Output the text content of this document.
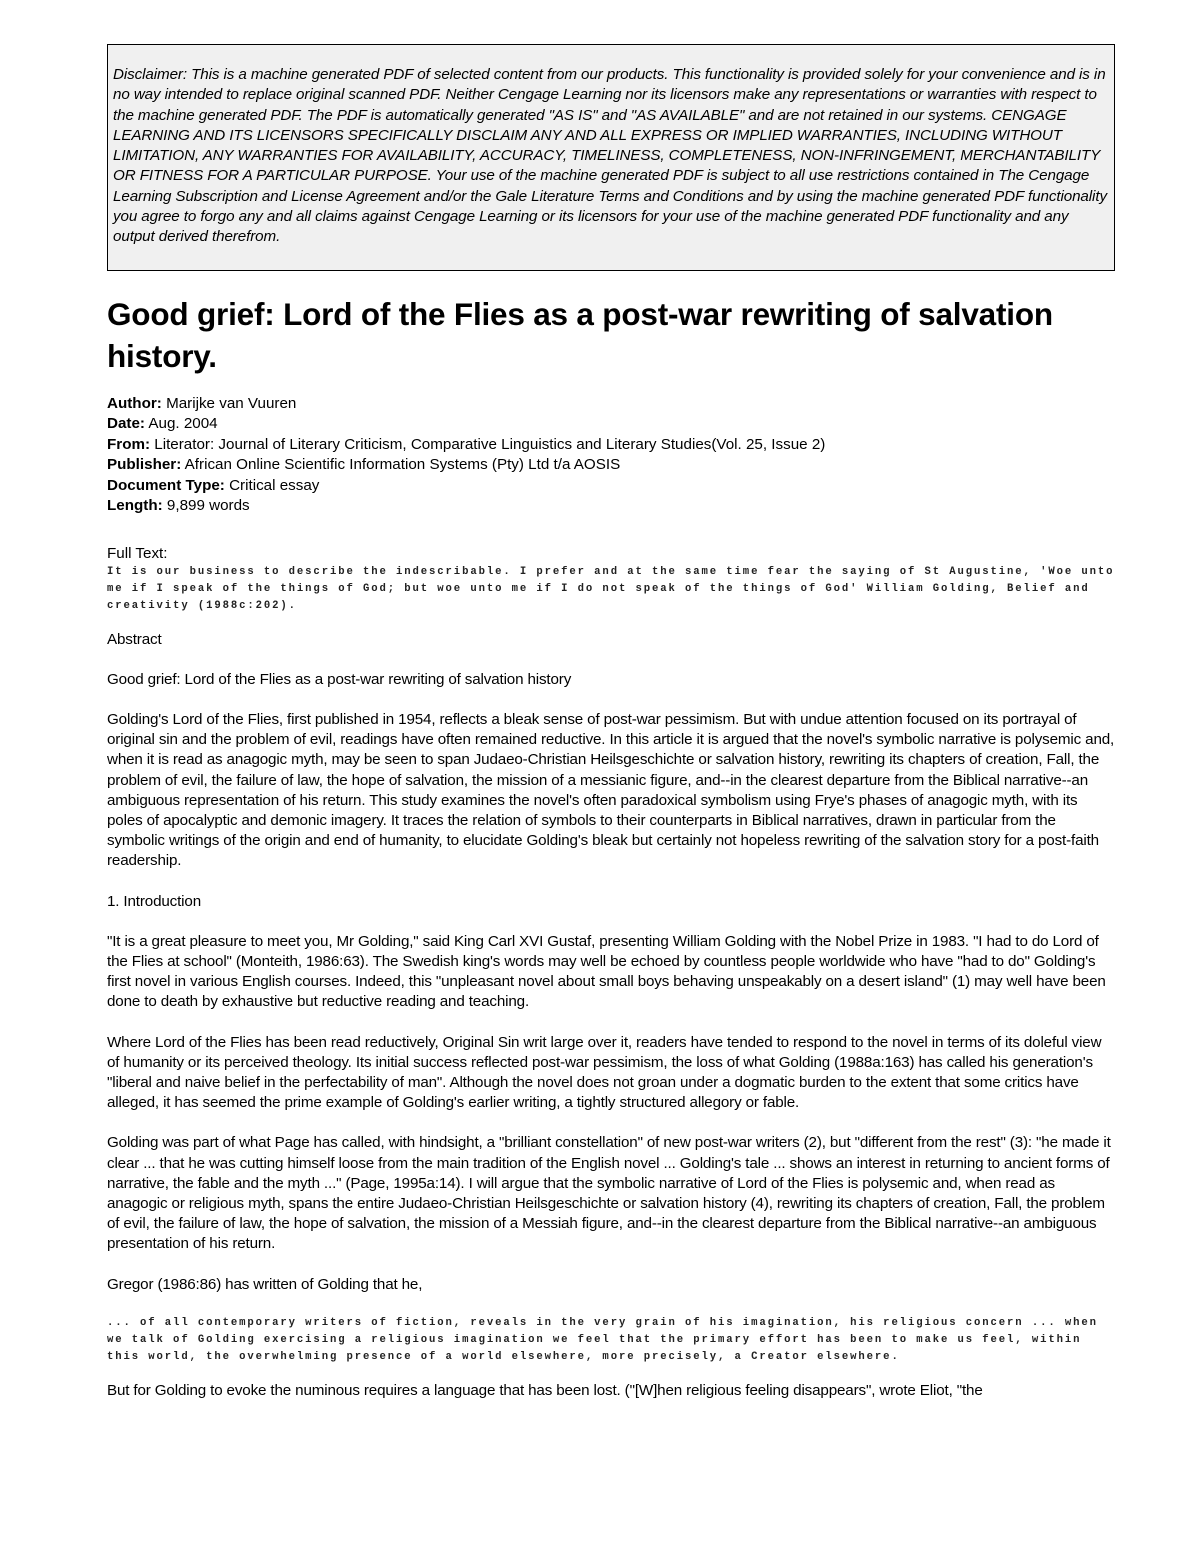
Disclaimer: This is a machine generated PDF of selected content from our products. This functionality is provided solely for your convenience and is in no way intended to replace original scanned PDF. Neither Cengage Learning nor its licensors make any representations or warranties with respect to the machine generated PDF. The PDF is automatically generated "AS IS" and "AS AVAILABLE" and are not retained in our systems. CENGAGE LEARNING AND ITS LICENSORS SPECIFICALLY DISCLAIM ANY AND ALL EXPRESS OR IMPLIED WARRANTIES, INCLUDING WITHOUT LIMITATION, ANY WARRANTIES FOR AVAILABILITY, ACCURACY, TIMELINESS, COMPLETENESS, NON-INFRINGEMENT, MERCHANTABILITY OR FITNESS FOR A PARTICULAR PURPOSE. Your use of the machine generated PDF is subject to all use restrictions contained in The Cengage Learning Subscription and License Agreement and/or the Gale Literature Terms and Conditions and by using the machine generated PDF functionality you agree to forgo any and all claims against Cengage Learning or its licensors for your use of the machine generated PDF functionality and any output derived therefrom.
Good grief: Lord of the Flies as a post-war rewriting of salvation history.
Author: Marijke van Vuuren
Date: Aug. 2004
From: Literator: Journal of Literary Criticism, Comparative Linguistics and Literary Studies(Vol. 25, Issue 2)
Publisher: African Online Scientific Information Systems (Pty) Ltd t/a AOSIS
Document Type: Critical essay
Length: 9,899 words
Full Text:
It is our business to describe the indescribable. I prefer and at the same time fear the saying of St Augustine, 'Woe unto me if I speak of the things of God; but woe unto me if I do not speak of the things of God' William Golding, Belief and creativity (1988c:202).

Abstract

Good grief: Lord of the Flies as a post-war rewriting of salvation history

Golding's Lord of the Flies, first published in 1954, reflects a bleak sense of post-war pessimism. But with undue attention focused on its portrayal of original sin and the problem of evil, readings have often remained reductive. In this article it is argued that the novel's symbolic narrative is polysemic and, when it is read as anagogic myth, may be seen to span Judaeo-Christian Heilsgeschichte or salvation history, rewriting its chapters of creation, Fall, the problem of evil, the failure of law, the hope of salvation, the mission of a messianic figure, and--in the clearest departure from the Biblical narrative--an ambiguous representation of his return. This study examines the novel's often paradoxical symbolism using Frye's phases of anagogic myth, with its poles of apocalyptic and demonic imagery. It traces the relation of symbols to their counterparts in Biblical narratives, drawn in particular from the symbolic writings of the origin and end of humanity, to elucidate Golding's bleak but certainly not hopeless rewriting of the salvation story for a post-faith readership.

1. Introduction

"It is a great pleasure to meet you, Mr Golding," said King Carl XVI Gustaf, presenting William Golding with the Nobel Prize in 1983. "I had to do Lord of the Flies at school" (Monteith, 1986:63). The Swedish king's words may well be echoed by countless people worldwide who have "had to do" Golding's first novel in various English courses. Indeed, this "unpleasant novel about small boys behaving unspeakably on a desert island" (1) may well have been done to death by exhaustive but reductive reading and teaching.

Where Lord of the Flies has been read reductively, Original Sin writ large over it, readers have tended to respond to the novel in terms of its doleful view of humanity or its perceived theology. Its initial success reflected post-war pessimism, the loss of what Golding (1988a:163) has called his generation's "liberal and naive belief in the perfectability of man". Although the novel does not groan under a dogmatic burden to the extent that some critics have alleged, it has seemed the prime example of Golding's earlier writing, a tightly structured allegory or fable.

Golding was part of what Page has called, with hindsight, a "brilliant constellation" of new post-war writers (2), but "different from the rest" (3): "he made it clear ... that he was cutting himself loose from the main tradition of the English novel ... Golding's tale ... shows an interest in returning to ancient forms of narrative, the fable and the myth ..." (Page, 1995a:14). I will argue that the symbolic narrative of Lord of the Flies is polysemic and, when read as anagogic or religious myth, spans the entire Judaeo-Christian Heilsgeschichte or salvation history (4), rewriting its chapters of creation, Fall, the problem of evil, the failure of law, the hope of salvation, the mission of a Messiah figure, and--in the clearest departure from the Biblical narrative--an ambiguous presentation of his return.

Gregor (1986:86) has written of Golding that he,

... of all contemporary writers of fiction, reveals in the very grain of his imagination, his religious concern ... when we talk of Golding exercising a religious imagination we feel that the primary effort has been to make us feel, within this world, the overwhelming presence of a world elsewhere, more precisely, a Creator elsewhere.

But for Golding to evoke the numinous requires a language that has been lost. ("[W]hen religious feeling disappears", wrote Eliot, "the
